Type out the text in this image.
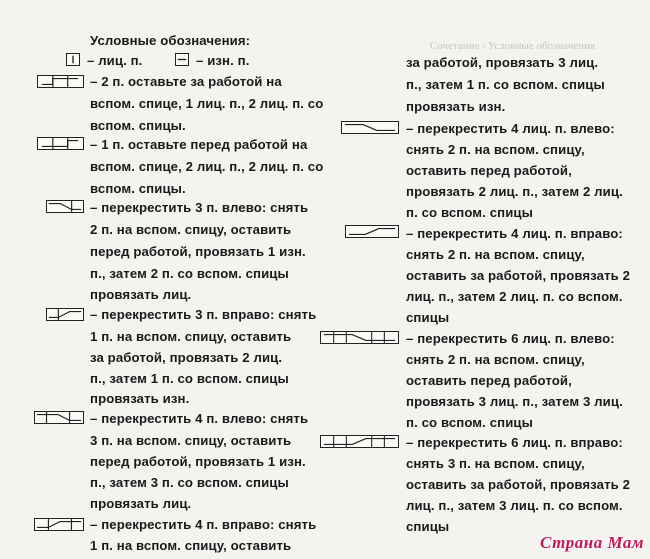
Сочетание / Условные обозначения
Условные обозначения:
– лиц. п.	– изн. п.
– 2 п. оставьте за работой на
вспом. спице, 1 лиц. п., 2 лиц. п. со
вспом. спицы.
– 1 п. оставьте перед работой на
вспом. спице, 2 лиц. п., 2 лиц. п. со
вспом. спицы.
– перекрестить 3 п. влево: снять
2 п. на вспом. спицу, оставить
перед работой, провязать 1 изн.
п., затем 2 п. со вспом. спицы
провязать лиц.
– перекрестить 3 п. вправо: снять
1 п. на вспом. спицу, оставить
за работой, провязать 2 лиц.
п., затем 1 п. со вспом. спицы
провязать изн.
– перекрестить 4 п. влево: снять
3 п. на вспом. спицу, оставить
перед работой, провязать 1 изн.
п., затем 3 п. со вспом. спицы
провязать лиц.
– перекрестить 4 п. вправо: снять
1 п. на вспом. спицу, оставить
за работой, провязать 3 лиц.
п., затем 1 п. со вспом. спицы
провязать изн.
– перекрестить 4 лиц. п. влево:
снять 2 п. на вспом. спицу,
оставить перед работой,
провязать 2 лиц. п., затем 2 лиц.
п. со вспом. спицы
– перекрестить 4 лиц. п. вправо:
снять 2 п. на вспом. спицу,
оставить за работой, провязать 2
лиц. п., затем 2 лиц. п. со вспом.
спицы
– перекрестить 6 лиц. п. влево:
снять 2 п. на вспом. спицу,
оставить перед работой,
провязать 3 лиц. п., затем 3 лиц.
п. со вспом. спицы
– перекрестить 6 лиц. п. вправо:
снять 3 п. на вспом. спицу,
оставить за работой, провязать 2
лиц. п., затем 3 лиц. п. со вспом.
спицы
Страна Мам
